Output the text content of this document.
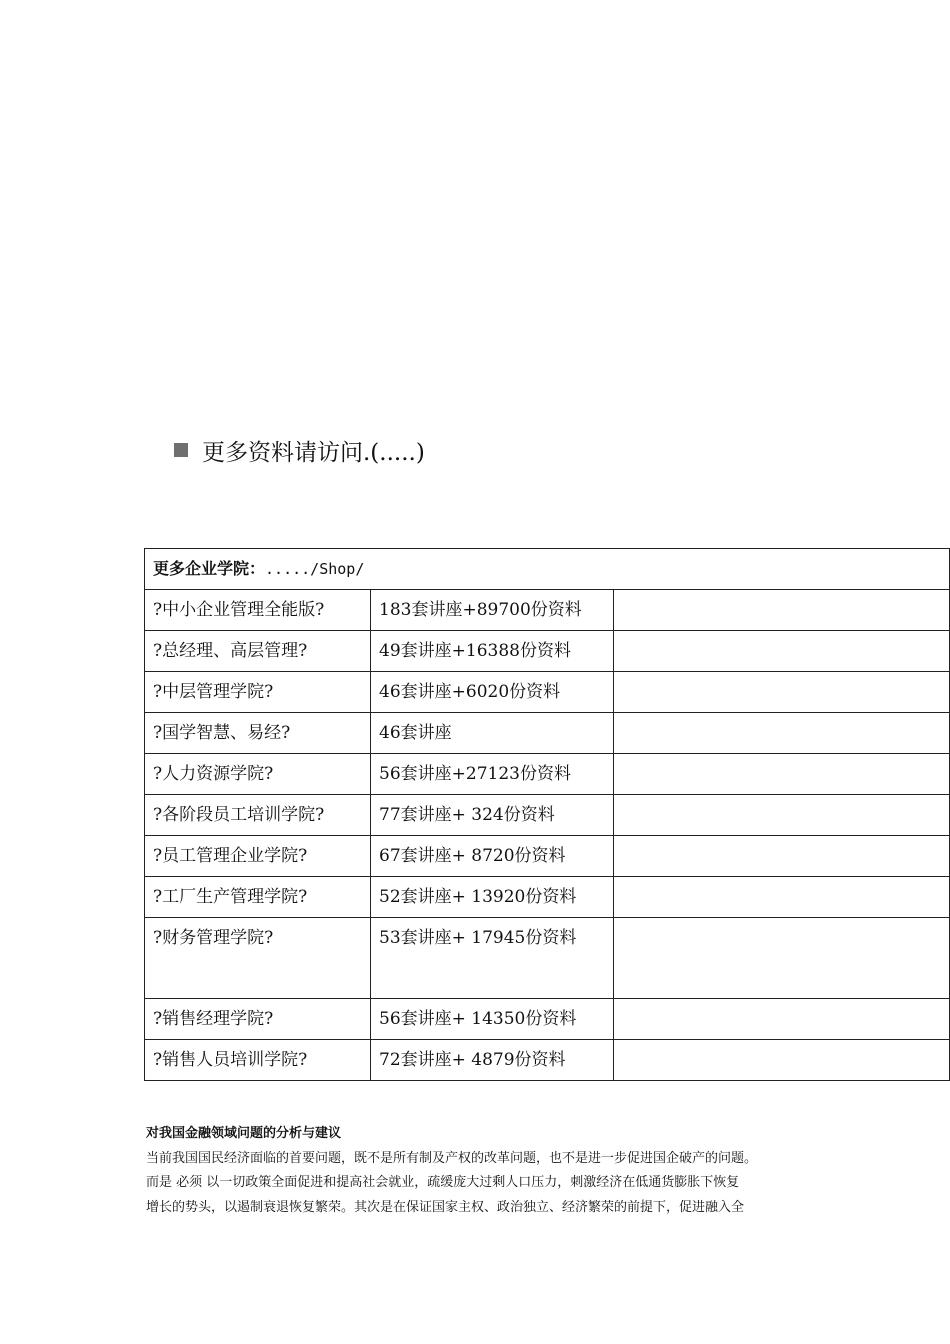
更多资料请访问.(.....)
更多企业学院：...../Shop/		
?中小企业管理全能版?	183套讲座+89700份资料	
?总经理、高层管理?	49套讲座+16388份资料	
?中层管理学院?	46套讲座+6020份资料	
?国学智慧、易经?	46套讲座	
?人力资源学院?	56套讲座+27123份资料	
?各阶段员工培训学院?	77套讲座+ 324份资料	
?员工管理企业学院?	67套讲座+ 8720份资料	
?工厂生产管理学院?	52套讲座+ 13920份资料	
?财务管理学院?	53套讲座+ 17945份资料	

?销售经理学院?	56套讲座+ 14350份资料	
?销售人员培训学院?	72套讲座+ 4879份资料	

对我国金融领域问题的分析与建议

当前我国国民经济面临的首要问题，既不是所有制及产权的改革问题，也不是进一步促进国企破产的问题。

而是 必须 以一切政策全面促进和提高社会就业，疏缓庞大过剩人口压力，刺激经济在低通货膨胀下恢复

增长的势头，以遏制衰退恢复繁荣。其次是在保证国家主权、政治独立、经济繁荣的前提下，促进融入全
